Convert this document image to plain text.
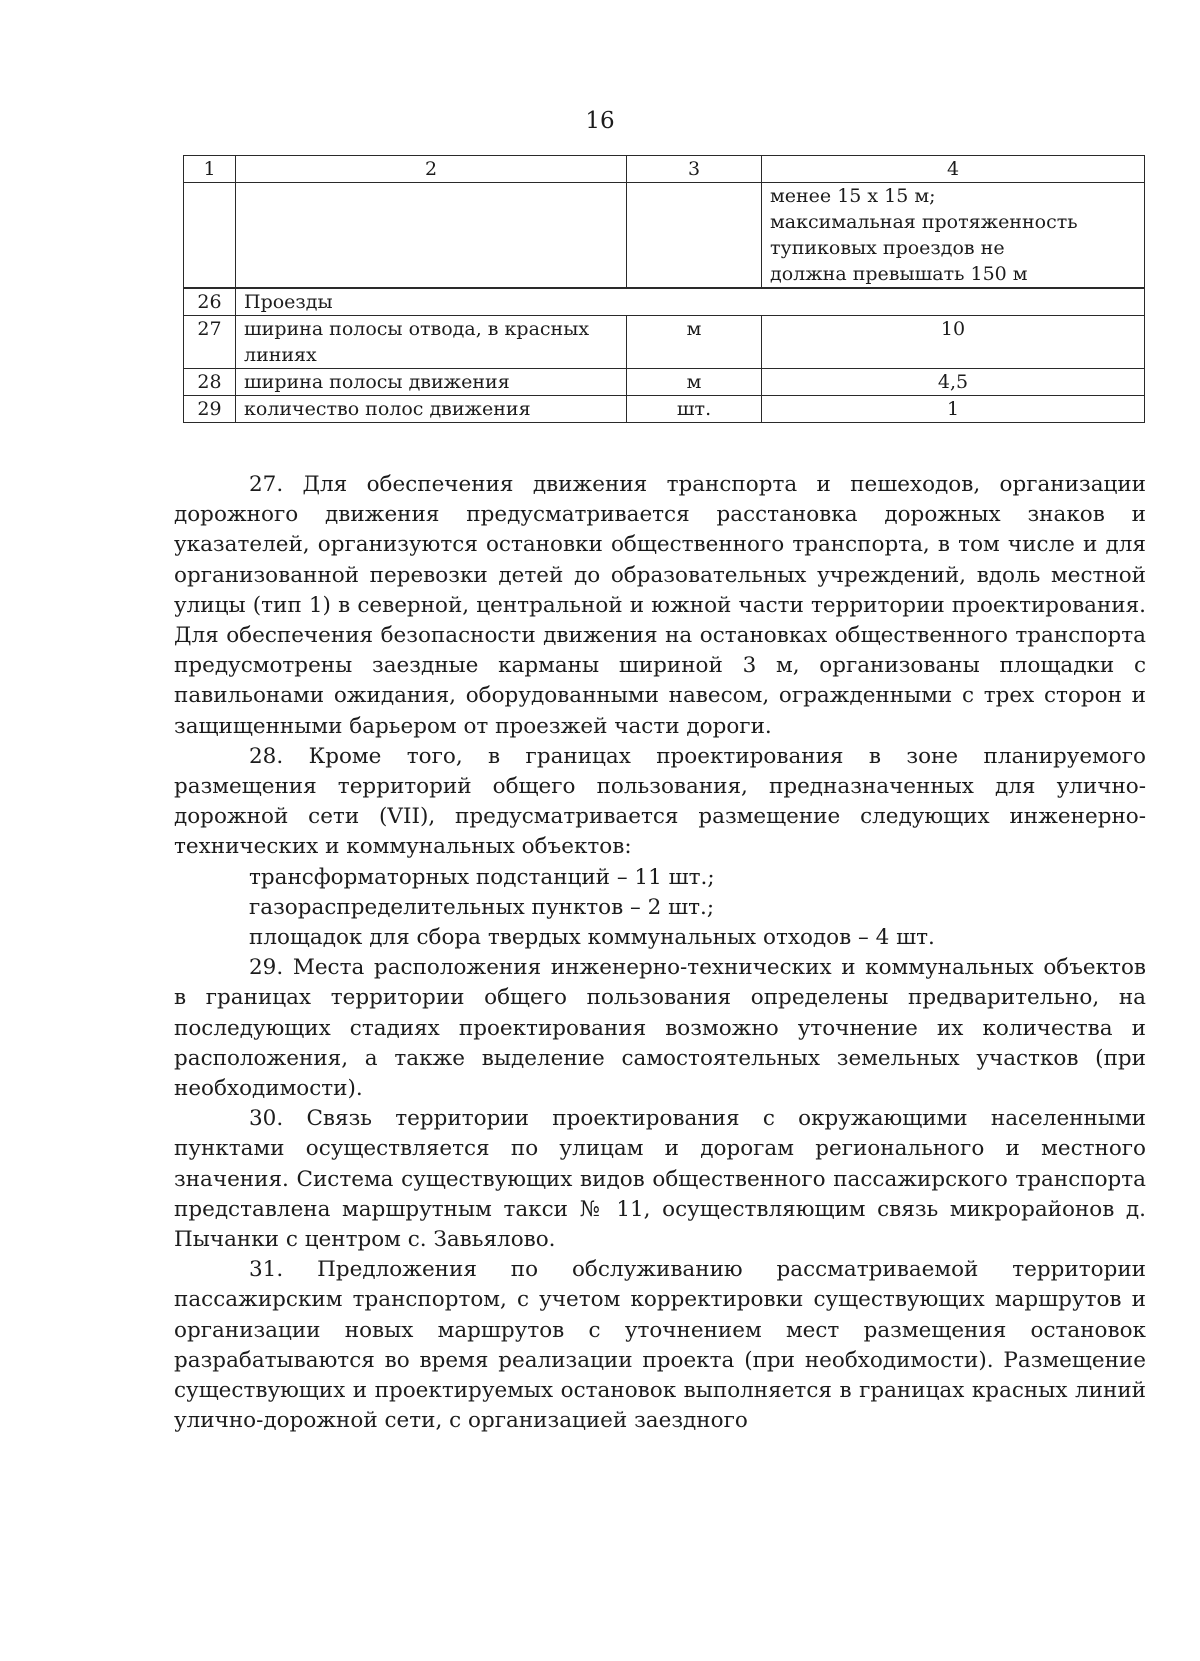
16
1	2	3	4

			менее 15 х 15 м;
максимальная протяженность
тупиковых проездов не
должна превышать 150 м

26	Проезды		
27	ширина полосы отвода, в красных линиях	м	10
28	ширина полосы движения	м	4,5
29	количество полос движения	шт.	1

27. Для обеспечения движения транспорта и пешеходов, организации дорожного движения предусматривается расстановка дорожных знаков и указателей, организуются остановки общественного транспорта, в том числе и для организованной перевозки детей до образовательных учреждений, вдоль местной улицы (тип 1) в северной, центральной и южной части территории проектирования. Для обеспечения безопасности движения на остановках общественного транспорта предусмотрены заездные карманы шириной 3 м, организованы площадки с павильонами ожидания, оборудованными навесом, огражденными с трех сторон и защищенными барьером от проезжей части дороги.

28. Кроме того, в границах проектирования в зоне планируемого размещения территорий общего пользования, предназначенных для улично-дорожной сети (VII), предусматривается размещение следующих инженерно-технических и коммунальных объектов:

трансформаторных подстанций – 11 шт.;

газораспределительных пунктов – 2 шт.;

площадок для сбора твердых коммунальных отходов – 4 шт.

29. Места расположения инженерно-технических и коммунальных объектов в границах территории общего пользования определены предварительно, на последующих стадиях проектирования возможно уточнение их количества и расположения, а также выделение самостоятельных земельных участков (при необходимости).

30. Связь территории проектирования с окружающими населенными пунктами осуществляется по улицам и дорогам регионального и местного значения. Система существующих видов общественного пассажирского транспорта представлена маршрутным такси № 11, осуществляющим связь микрорайонов д. Пычанки с центром с. Завьялово.

31. Предложения по обслуживанию рассматриваемой территории пассажирским транспортом, с учетом корректировки существующих маршрутов и организации новых маршрутов с уточнением мест размещения остановок разрабатываются во время реализации проекта (при необходимости). Размещение существующих и проектируемых остановок выполняется в границах красных линий улично-дорожной сети, с организацией заездного
